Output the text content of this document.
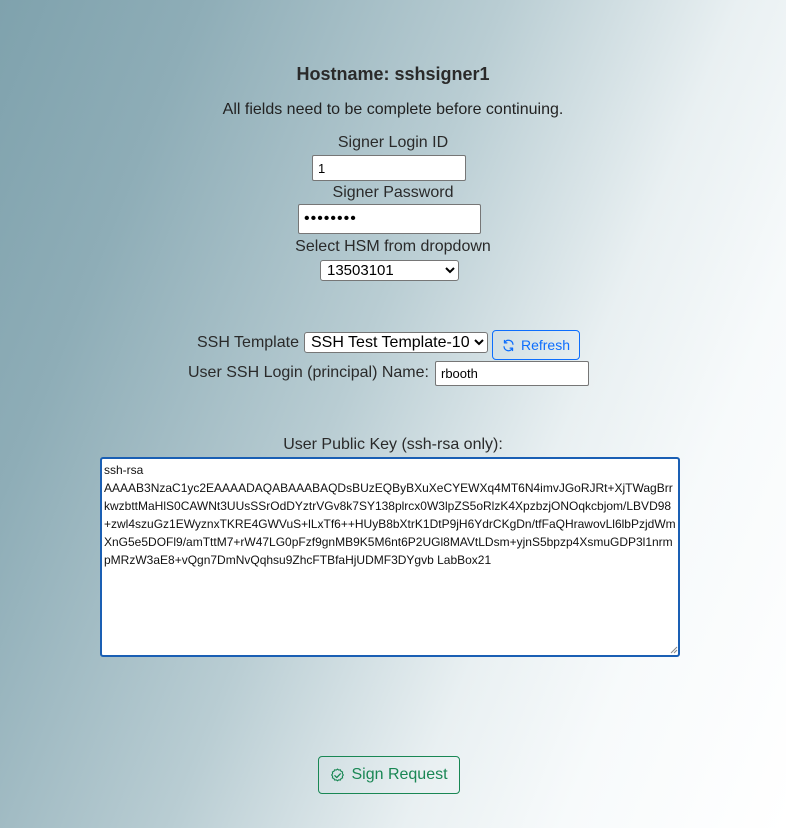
Hostname: sshsigner1
All fields need to be complete before continuing.
Signer Login ID
1
Signer Password
Select HSM from dropdown
13503101
SSH Template
SSH Test Template-10	Refresh
User SSH Login (principal) Name:
rbooth
User Public Key (ssh-rsa only):
ssh-rsa AAAAB3NzaC1yc2EAAAADAQABAAABAQDsBUzEQByBXuXeCYEWXq4MT6N4imvJGoRJRt+XjTWagBrrkwzbttMaHlS0CAWNt3UUsSSrOdDYztrVGv8k7SY138plrcx0W3lpZS5oRlzK4XpzbzjONOqkcbjom/LBVD98+zwl4szuGz1EWyznxTKRE4GWVuS+lLxTf6++HUyB8bXtrK1DtP9jH6YdrCKgDn/tfFaQHrawovLl6lbPzjdWmXnG5e5DOFl9/amTttM7+rW47LG0pFzf9gnMB9K5M6nt6P2UGl8MAVtLDsm+yjnS5bpzp4XsmuGDP3l1nrmpMRzW3aE8+vQgn7DmNvQqhsu9ZhcFTBfaHjUDMF3DYgvb LabBox21
Sign Request
